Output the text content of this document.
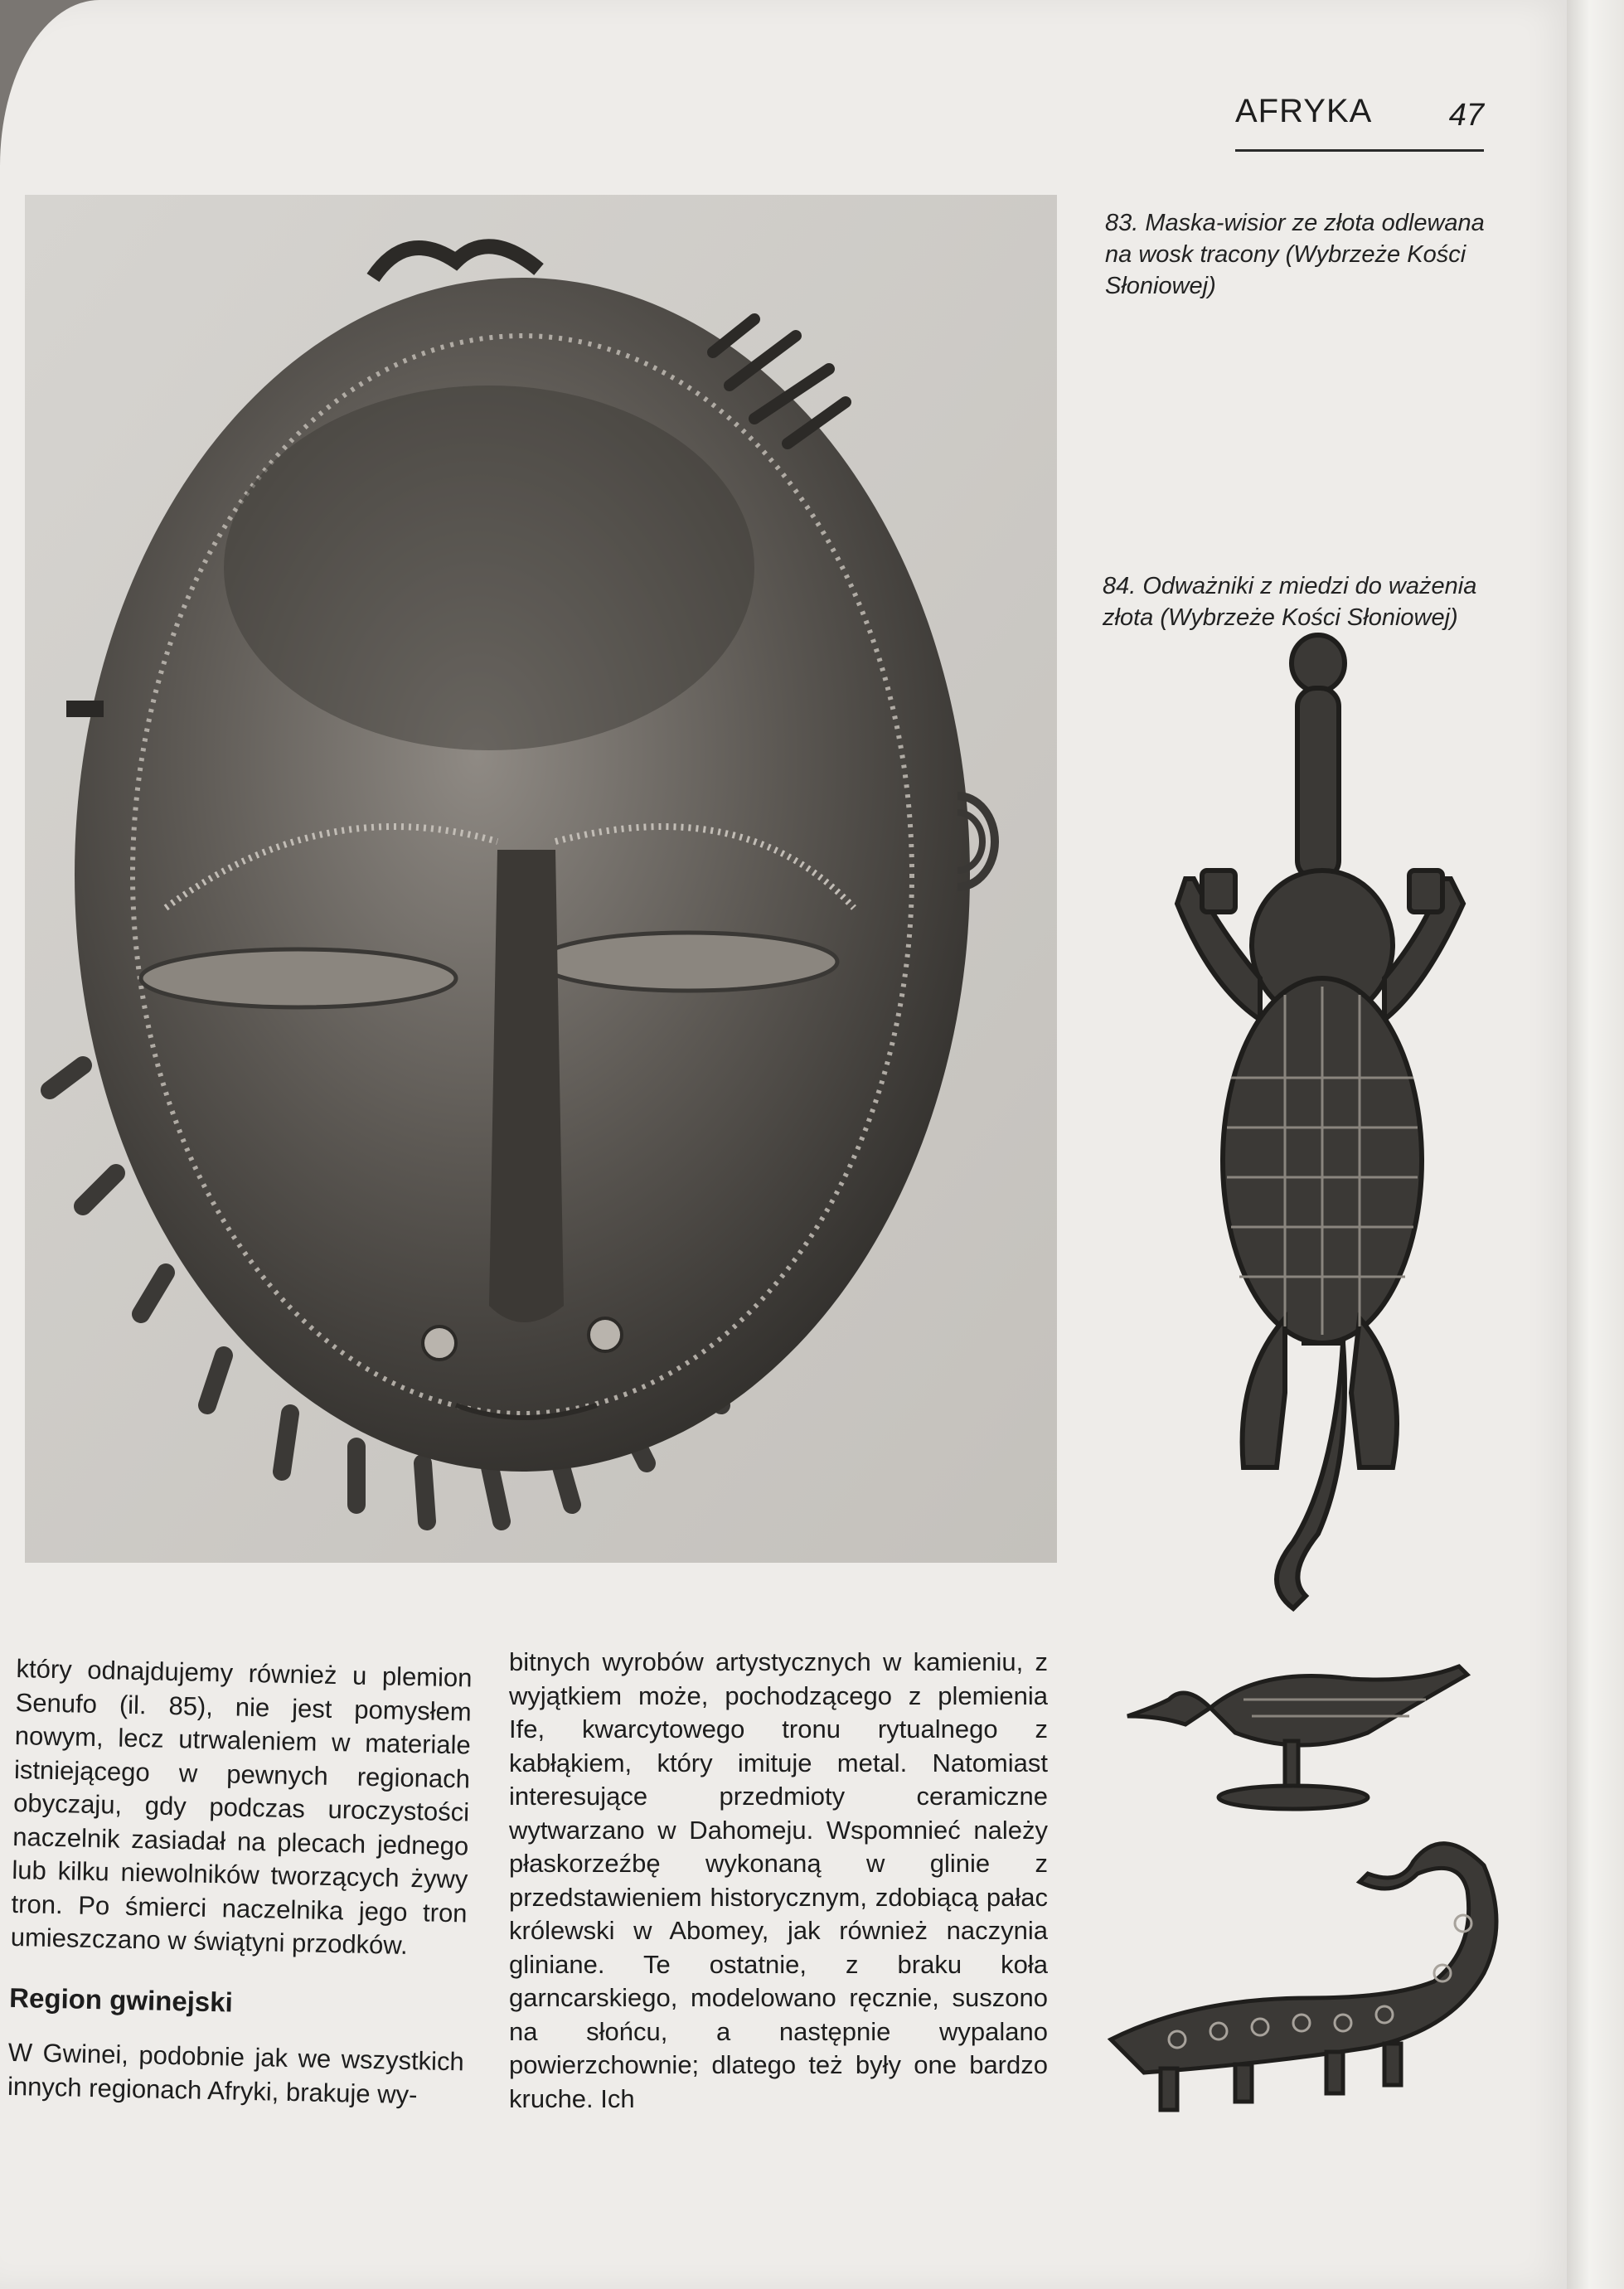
AFRYKA 47
83. Maska-wisior ze złota odlewana na wosk tracony (Wybrzeże Kości Słoniowej)
84. Odważniki z miedzi do ważenia złota (Wybrzeże Kości Słoniowej)

który odnajdujemy również u plemion Senufo (il. 85), nie jest pomysłem nowym, lecz utrwaleniem w materiale istniejącego w pewnych regionach obyczaju, gdy podczas uroczystości naczelnik zasiadał na plecach jednego lub kilku niewolników tworzących żywy tron. Po śmierci naczelnika jego tron umieszczano w świątyni przodków.

Region gwinejski

W Gwinei, podobnie jak we wszystkich innych regionach Afryki, brakuje wy-

bitnych wyrobów artystycznych w kamieniu, z wyjątkiem może, pochodzącego z plemienia Ife, kwarcytowego tronu rytualnego z kabłąkiem, który imituje metal. Natomiast interesujące przedmioty ceramiczne wytwarzano w Dahomeju. Wspomnieć należy płaskorzeźbę wykonaną w glinie z przedstawieniem historycznym, zdobiącą pałac królewski w Abomey, jak również naczynia gliniane. Te ostatnie, z braku koła garncarskiego, modelowano ręcznie, suszono na słońcu, a następnie wypalano powierzchownie; dlatego też były one bardzo kruche. Ich
